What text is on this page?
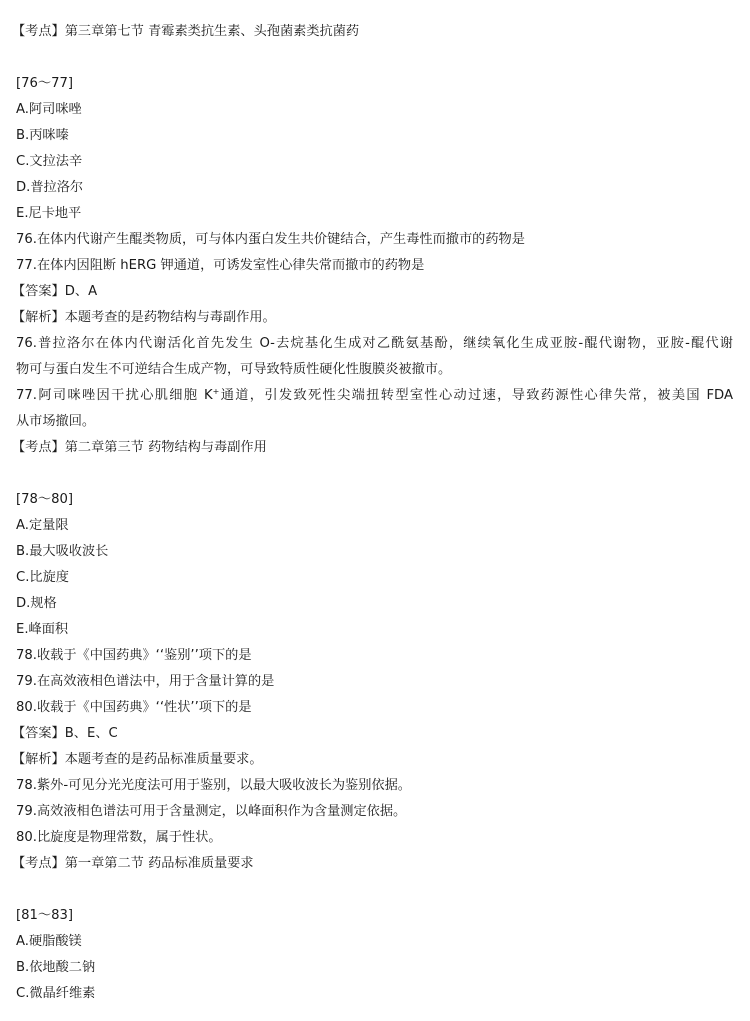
【考点】第三章第七节 青霉素类抗生素、头孢菌素类抗菌药
[76～77]
A.阿司咪唑
B.丙咪嗪
C.文拉法辛
D.普拉洛尔
E.尼卡地平
76.在体内代谢产生醌类物质，可与体内蛋白发生共价键结合，产生毒性而撤市的药物是
77.在体内因阻断 hERG 钾通道，可诱发室性心律失常而撤市的药物是
【答案】D、A
【解析】本题考查的是药物结构与毒副作用。
76.普拉洛尔在体内代谢活化首先发生 O-去烷基化生成对乙酰氨基酚，继续氧化生成亚胺-醌代谢物，亚胺-醌代谢
物可与蛋白发生不可逆结合生成产物，可导致特质性硬化性腹膜炎被撤市。
77.阿司咪唑因干扰心肌细胞 K+通道，引发致死性尖端扭转型室性心动过速，导致药源性心律失常，被美国 FDA
从市场撤回。
【考点】第二章第三节 药物结构与毒副作用
[78～80]
A.定量限
B.最大吸收波长
C.比旋度
D.规格
E.峰面积
78.收载于《中国药典》‘‘鉴别’’项下的是
79.在高效液相色谱法中，用于含量计算的是
80.收载于《中国药典》‘‘性状’’项下的是
【答案】B、E、C
【解析】本题考查的是药品标准质量要求。
78.紫外-可见分光光度法可用于鉴别，以最大吸收波长为鉴别依据。
79.高效液相色谱法可用于含量测定，以峰面积作为含量测定依据。
80.比旋度是物理常数，属于性状。
【考点】第一章第二节 药品标准质量要求
[81～83]
A.硬脂酸镁
B.依地酸二钠
C.微晶纤维素
